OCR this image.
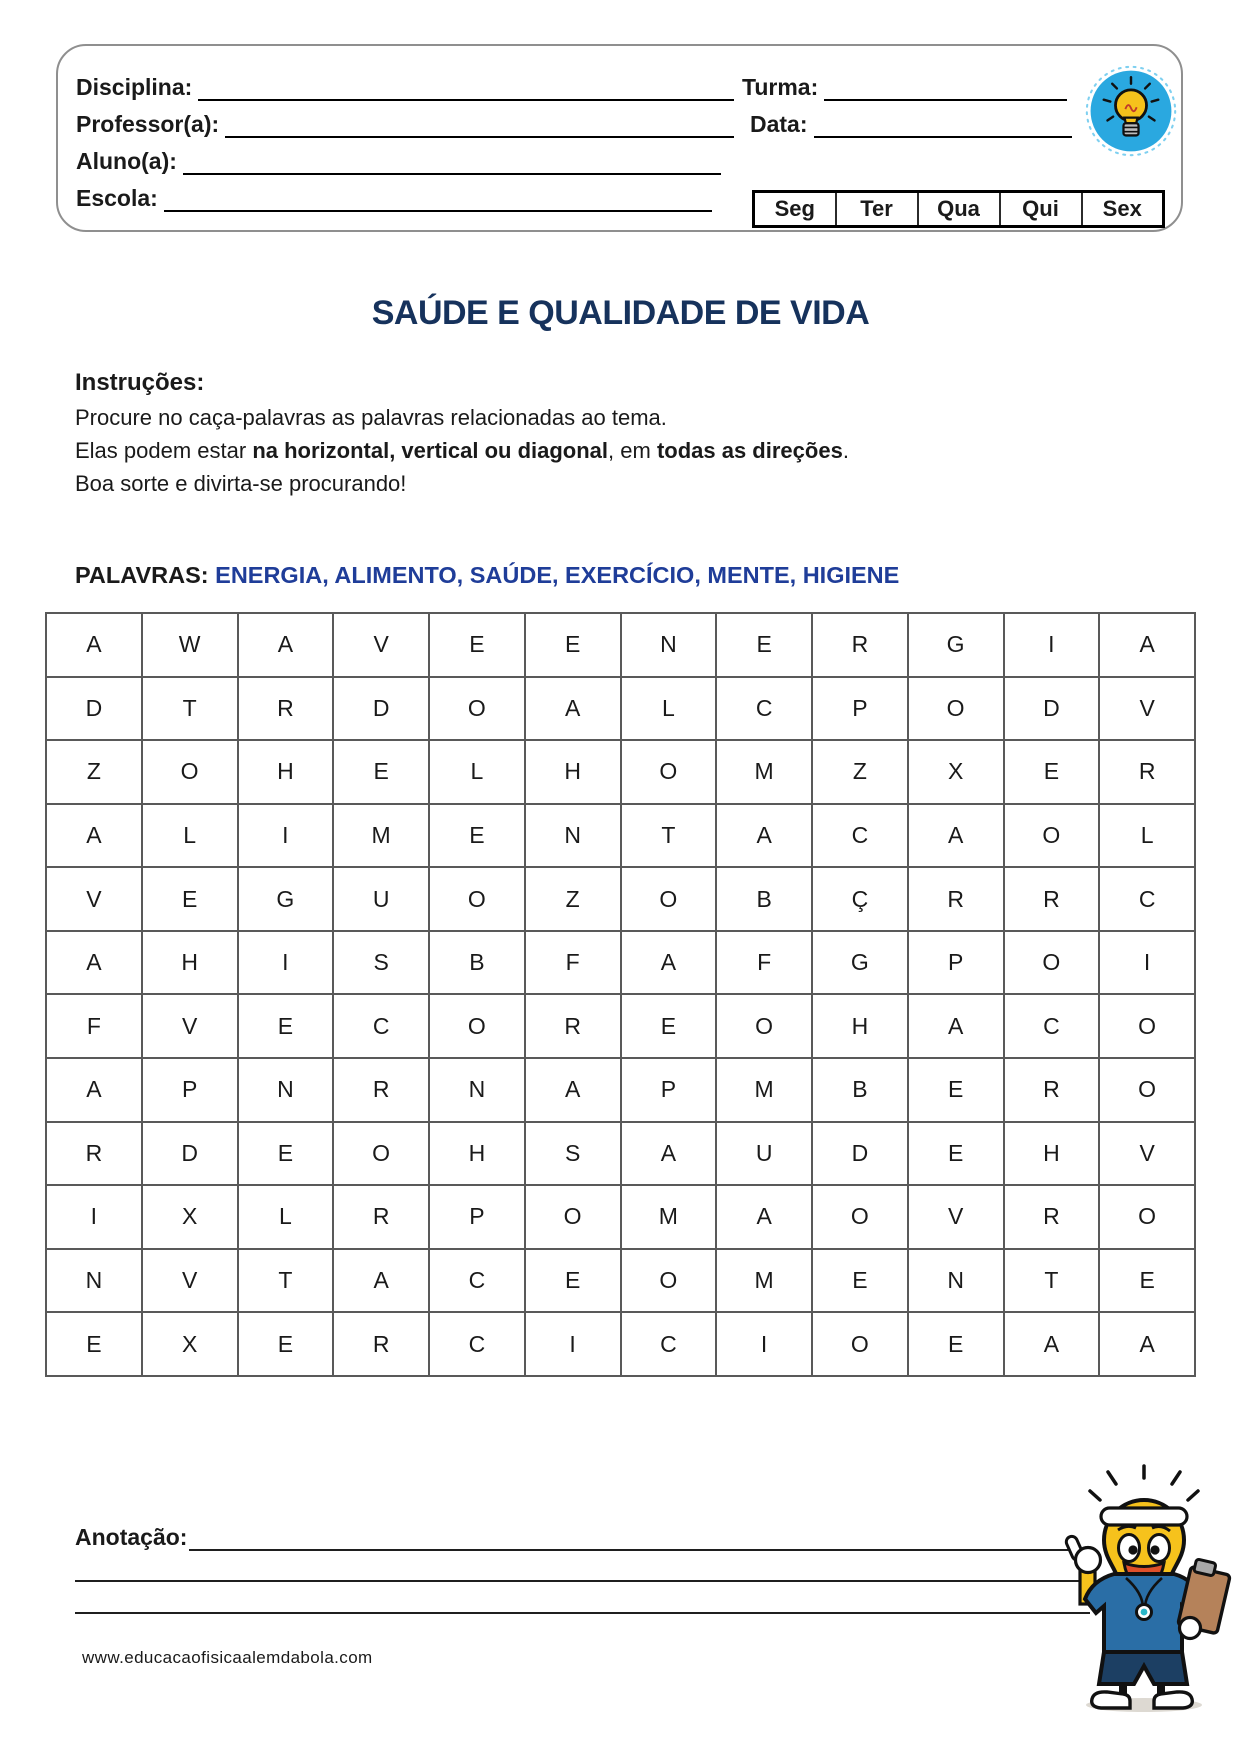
Disciplina:
Professor(a):
Aluno(a):
Escola:
Turma:
Data:
Seg	Ter	Qua	Qui	Sex
SAÚDE E QUALIDADE DE VIDA
Instruções:
Procure no caça-palavras as palavras relacionadas ao tema.
Elas podem estar na horizontal, vertical ou diagonal, em todas as direções.
Boa sorte e divirta-se procurando!
PALAVRAS: ENERGIA, ALIMENTO, SAÚDE, EXERCÍCIO, MENTE, HIGIENE
A	W	A	V	E	E	N	E	R	G	I	A
D	T	R	D	O	A	L	C	P	O	D	V
Z	O	H	E	L	H	O	M	Z	X	E	R
A	L	I	M	E	N	T	A	C	A	O	L
V	E	G	U	O	Z	O	B	Ç	R	R	C
A	H	I	S	B	F	A	F	G	P	O	I
F	V	E	C	O	R	E	O	H	A	C	O
A	P	N	R	N	A	P	M	B	E	R	O
R	D	E	O	H	S	A	U	D	E	H	V
I	X	L	R	P	O	M	A	O	V	R	O
N	V	T	A	C	E	O	M	E	N	T	E
E	X	E	R	C	I	C	I	O	E	A	A
Anotação:
www.educacaofisicaalemdabola.com
